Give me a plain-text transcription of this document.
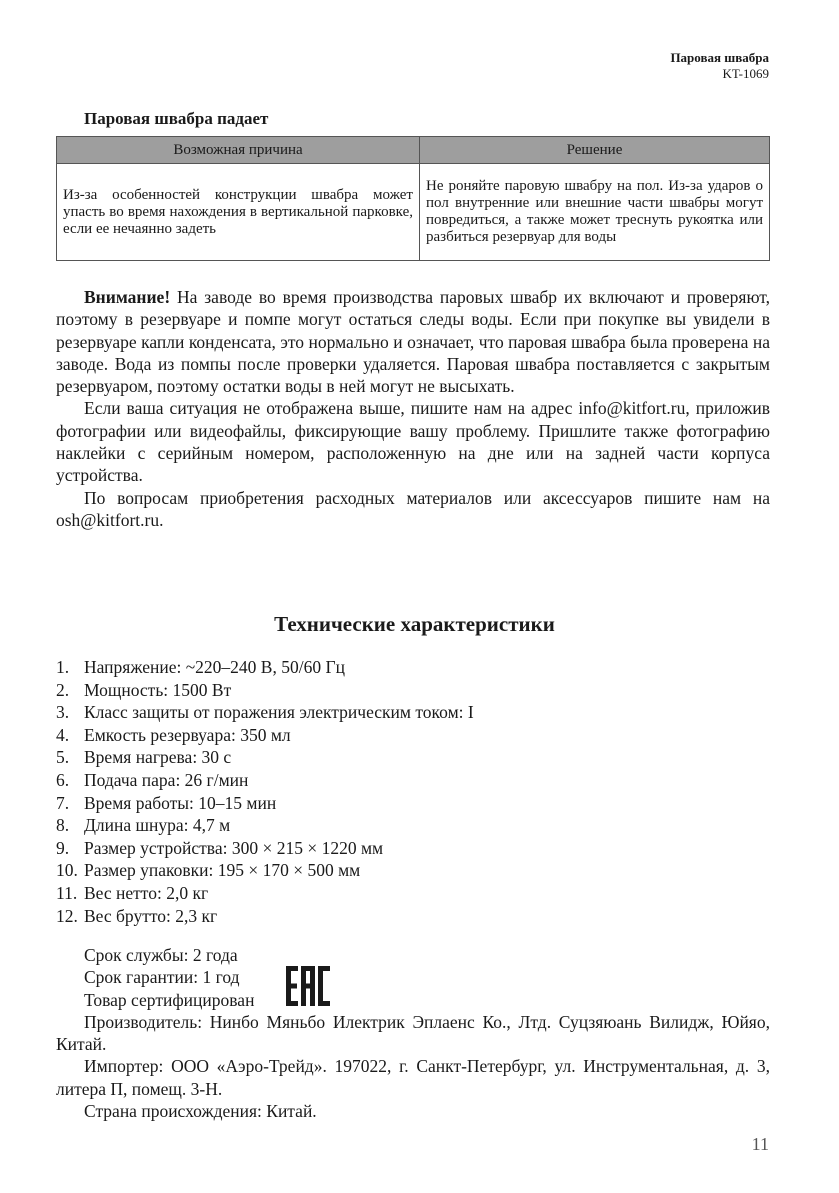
Паровая швабра
KT-1069
Паровая швабра падает
Возможная причина	Решение
Из-за особенностей конструкции швабра может упасть во время нахождения в вертикальной парковке, если ее нечаянно задеть	Не роняйте паровую швабру на пол. Из-за ударов о пол внутренние или внешние части швабры могут повредиться, а также может треснуть рукоятка или разбиться резервуар для воды

Внимание! На заводе во время производства паровых швабр их включают и проверяют, поэтому в резервуаре и помпе могут остаться следы воды. Если при покупке вы увидели в резервуаре капли конденсата, это нормально и означает, что паровая швабра была проверена на заводе. Вода из помпы после проверки удаляется. Паровая швабра поставляется с закрытым резервуаром, поэтому остатки воды в ней могут не высыхать.

Если ваша ситуация не отображена выше, пишите нам на адрес info@kitfort.ru, приложив фотографии или видеофайлы, фиксирующие вашу проблему. Пришлите также фотографию наклейки с серийным номером, расположенную на дне или на задней части корпуса устройства.

По вопросам приобретения расходных материалов или аксессуаров пишите нам на osh@kitfort.ru.

Технические характеристики
1. Напряжение: ~220–240 В, 50/60 Гц
2. Мощность: 1500 Вт
3. Класс защиты от поражения электрическим током: I
4. Емкость резервуара: 350 мл
5. Время нагрева: 30 с
6. Подача пара: 26 г/мин
7. Время работы: 10–15 мин
8. Длина шнура: 4,7 м
9. Размер устройства: 300 × 215 × 1220 мм
10. Размер упаковки: 195 × 170 × 500 мм
11. Вес нетто: 2,0 кг
12. Вес брутто: 2,3 кг

Срок службы: 2 года

Срок гарантии: 1 год

Товар сертифицирован

Производитель: Нинбо Мяньбо Илектрик Эплаенс Ко., Лтд. Суцзяюань Вилидж, Юйяо, Китай.

Импортер: ООО «Аэро-Трейд». 197022, г. Санкт-Петербург, ул. Инструментальная, д. 3, литера П, помещ. 3-Н.

Страна происхождения: Китай.

11
